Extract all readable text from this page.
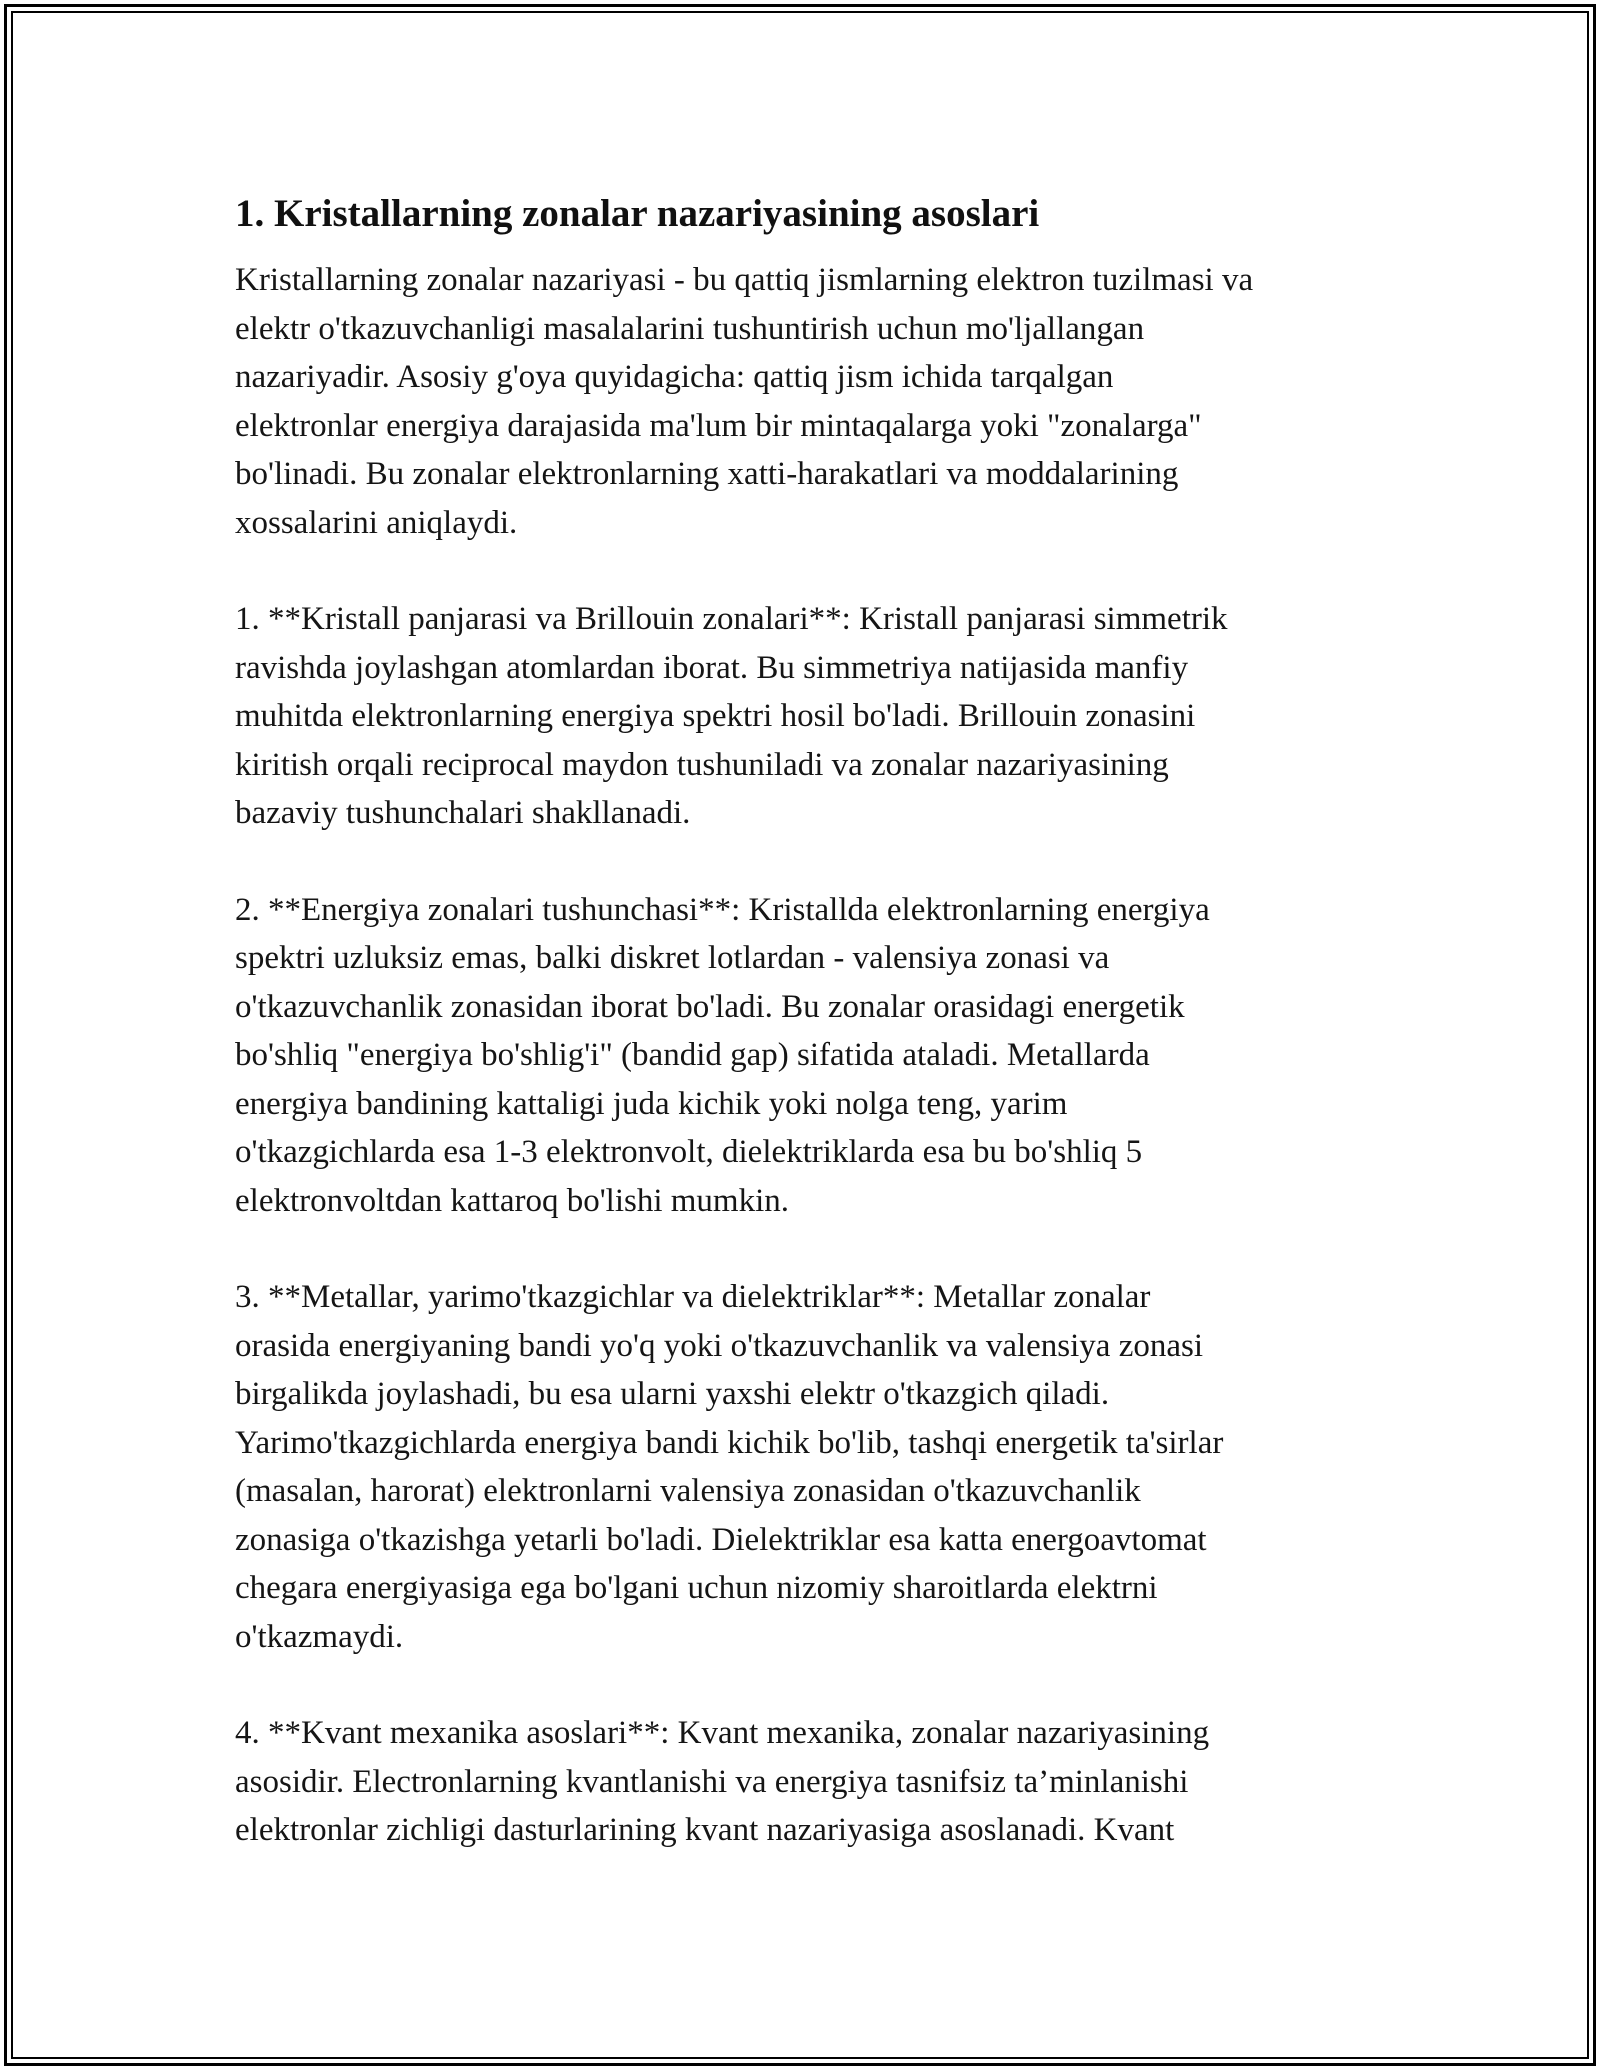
1. Kristallarning zonalar nazariyasining asoslari

Kristallarning zonalar nazariyasi - bu qattiq jismlarning elektron tuzilmasi va
elektr o'tkazuvchanligi masalalarini tushuntirish uchun mo'ljallangan
nazariyadir. Asosiy g'oya quyidagicha: qattiq jism ichida tarqalgan
elektronlar energiya darajasida ma'lum bir mintaqalarga yoki "zonalarga"
bo'linadi. Bu zonalar elektronlarning xatti-harakatlari va moddalarining
xossalarini aniqlaydi.

1. **Kristall panjarasi va Brillouin zonalari**: Kristall panjarasi simmetrik
ravishda joylashgan atomlardan iborat. Bu simmetriya natijasida manfiy
muhitda elektronlarning energiya spektri hosil bo'ladi. Brillouin zonasini
kiritish orqali reciprocal maydon tushuniladi va zonalar nazariyasining
bazaviy tushunchalari shakllanadi.

2. **Energiya zonalari tushunchasi**: Kristallda elektronlarning energiya
spektri uzluksiz emas, balki diskret lotlardan - valensiya zonasi va
o'tkazuvchanlik zonasidan iborat bo'ladi. Bu zonalar orasidagi energetik
bo'shliq "energiya bo'shlig'i" (bandid gap) sifatida ataladi. Metallarda
energiya bandining kattaligi juda kichik yoki nolga teng, yarim
o'tkazgichlarda esa 1-3 elektronvolt, dielektriklarda esa bu bo'shliq 5
elektronvoltdan kattaroq bo'lishi mumkin.

3. **Metallar, yarimo'tkazgichlar va dielektriklar**: Metallar zonalar
orasida energiyaning bandi yo'q yoki o'tkazuvchanlik va valensiya zonasi
birgalikda joylashadi, bu esa ularni yaxshi elektr o'tkazgich qiladi.
Yarimo'tkazgichlarda energiya bandi kichik bo'lib, tashqi energetik ta'sirlar
(masalan, harorat) elektronlarni valensiya zonasidan o'tkazuvchanlik
zonasiga o'tkazishga yetarli bo'ladi. Dielektriklar esa katta energoavtomat
chegara energiyasiga ega bo'lgani uchun nizomiy sharoitlarda elektrni
o'tkazmaydi.

4. **Kvant mexanika asoslari**: Kvant mexanika, zonalar nazariyasining
asosidir. Electronlarning kvantlanishi va energiya tasnifsiz ta’minlanishi
elektronlar zichligi dasturlarining kvant nazariyasiga asoslanadi. Kvant
